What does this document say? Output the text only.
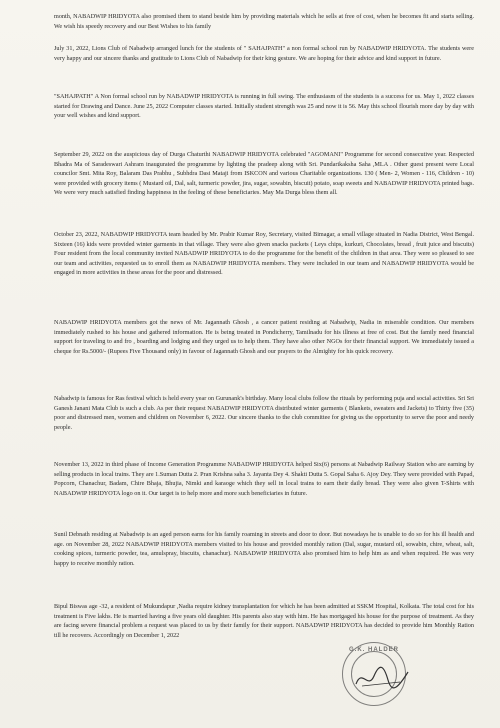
month, NABADWIP HRIDYOTA also promised them to stand beside him by providing materials which he sells at free of cost, when he becomes fit and starts selling. We wish his speedy recovery and our Best Wishes to his family

July 31, 2022, Lions Club of Nabadwip arranged lunch for the students of " SAHAJPATH" a non formal school run by NABADWIP HRIDYOTA. The students were very happy and our sincere thanks and gratitude to Lions Club of Nabadwip for their king gesture. We are hoping for their advice and kind support in future.

"SAHAJPATH" A Non formal school run by NABADWIP HRIDYOTA is running in full swing. The enthusiasm of the students is a success for us. May 1, 2022 classes started for Drawing and Dance. June 25, 2022 Computer classes started. Initially student strength was 25 and now it is 56. May this school flourish more day by day with your well wishes and kind support.

September 29, 2022 on the auspicious day of Durga Chaturthi NABADWIP HRIDYOTA celebrated "AGOMANI" Programme for second consecutive year. Respected Bhadra Ma of Saradeswari Ashram inaugurated the programme by lighting the pradeep along with Sri. Pundarikaksha Saha ,MLA . Other guest present were Local councilor Smt. Mita Roy, Balaram Das Prabhu , Subhdra Dasi Mataji from ISKCON and various Charitable organizations. 130 ( Men- 2, Women - 116, Children - 10) were provided with grocery items ( Mustard oil, Dal, salt, turmeric powder, jira, sugar, sowabin, biscuit) potato, soap sweets and NABADWIP HRIDYOTA printed bags. We were very much satisfied finding happiness in the feeling of these beneficiaries. May Ma Durga bless them all.

October 23, 2022, NABADWIP HRIDYOTA team headed by Mr. Prabir Kumar Roy, Secretary, visited Bimagar, a small village situated in Nadia District, West Bengal. Sixteen (16) kids were provided winter garments in that village. They were also given snacks packets ( Leys chips, kurkuri, Chocolates, bread , fruit juice and biscuits) Four resident from the local community invited NABADWIP HRIDYOTA to do the programme for the benefit of the children in that area. They were so pleased to see our team and activities, requested us to enroll them as NABADWIP HRIDYOTA members. They were included in our team and NABADWIP HRIDYOTA would be engaged in more activities in these areas for the poor and distressed.

NABADWIP HRIDYOTA members got the news of Mr. Jagannath Ghosh , a cancer patient residing at Nabadwip, Nadia in miserable condition. Our members immediately rushed to his house and gathered information. He is being treated in Pondicherry, Tamilnadu for his illness at free of cost. But the family need financial support for traveling to and fro , boarding and lodging and they urged us to help them. They have also other NGOs for their financial support. We immediately issued a cheque for Rs.5000/- (Rupees Five Thousand only) in favour of Jagannath Ghosh and our prayers to the Almighty for his quick recovery.

Nabadwip is famous for Ras festival which is held every year on Gurunank's birthday. Many local clubs follow the rituals by performing puja and social activities. Sri Sri Ganesh Janani Mata Club is such a club. As per their request NABADWIP HRIDYOTA distributed winter garments ( Blankets, sweaters and Jackets) to Thirty five (35) poor and distressed men, women and children on November 6, 2022. Our sincere thanks to the club committee for giving us the opportunity to serve the poor and needy people.

November 13, 2022 in third phase of Income Generation Programme NABADWIP HRIDYOTA helped Six(6) persons at Nabadwip Railway Station who are earning by selling products in local trains. They are 1.Suman Dutta 2. Pran Krishna saha 3. Jayanta Dey 4. Shakti Dutta 5. Gopal Saha 6. Ajoy Dey. They were provided with Papad, Popcorn, Chanachur, Badam, Chire Bhaja, Bhujia, Nimki and karaoge which they sell in local trains to earn their daily bread. They were also given T-Shirts with NABADWIP HRIDYOTA logo on it. Our target is to help more and more such beneficiaries in future.

Sunil Debnath residing at Nabadwip is an aged person earns for his family roaming in streets and door to door. But nowadays he is unable to do so for his ill health and age. on November 28, 2022 NABADWIP HRIDYOTA members visited to his house and provided monthly ration (Dal, sugar, mustard oil, sowabin, chire, wheat, salt, cooking spices, turmeric powder, tea, amulspray, biscuits, chanachur). NABADWIP HRIDYOTA also promised him to help him as and when required. He was very happy to receive monthly ration.

Bipul Biswas age -32, a resident of Mukundapur ,Nadia require kidney transplantation for which he has been admitted at SSKM Hospital, Kolkata. The total cost for his treatment is Five lakhs. He is married having a five years old daughter. His parents also stay with him. He has mortgaged his house for the purpose of treatment. As they are facing severe financial problem a request was placed to us by their family for their support. NABADWIP HRIDYOTA has decided to provide him Monthly Ration till he recovers. Accordingly on December 1, 2022

G.K. HALDER
